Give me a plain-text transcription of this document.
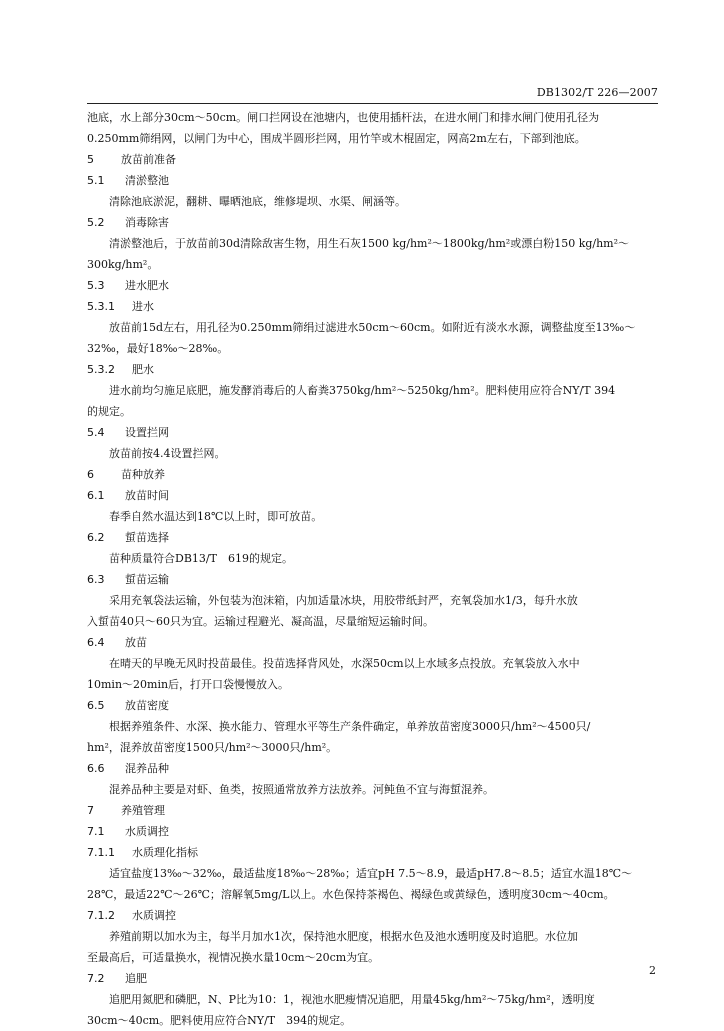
DB1302/T 226—2007
池底，水上部分30cm～50cm。闸口拦网设在池塘内，也使用插杆法，在进水闸门和排水闸门使用孔径为
0.250mm筛绢网，以闸门为中心，围成半圆形拦网，用竹竿或木棍固定，网高2m左右，下部到池底。
5 放苗前准备
5.1 清淤整池
清除池底淤泥，翻耕、曝晒池底，维修堤坝、水渠、闸涵等。
5.2 消毒除害
清淤整池后，于放苗前30d清除敌害生物，用生石灰1500 kg/hm²～1800kg/hm²或漂白粉150 kg/hm²～
300kg/hm²。
5.3 进水肥水
5.3.1 进水
放苗前15d左右，用孔径为0.250mm筛绢过滤进水50cm～60cm。如附近有淡水水源，调整盐度至13‰～
32‰，最好18‰～28‰。
5.3.2 肥水
进水前均匀施足底肥，施发酵消毒后的人畜粪3750kg/hm²～5250kg/hm²。肥料使用应符合NY/T 394
的规定。
5.4 设置拦网
放苗前按4.4设置拦网。
6 苗种放养
6.1 放苗时间
春季自然水温达到18℃以上时，即可放苗。
6.2 蜇苗选择
苗种质量符合DB13/T　619的规定。
6.3 蜇苗运输
采用充氧袋法运输，外包装为泡沫箱，内加适量冰块，用胶带纸封严，充氧袋加水1/3，每升水放
入蜇苗40只～60只为宜。运输过程避光、凝高温，尽量缩短运输时间。
6.4 放苗
在晴天的早晚无风时投苗最佳。投苗选择背风处，水深50cm以上水域多点投放。充氧袋放入水中
10min～20min后，打开口袋慢慢放入。
6.5 放苗密度
根据养殖条件、水深、换水能力、管理水平等生产条件确定，单养放苗密度3000只/hm²～4500只/
hm²，混养放苗密度1500只/hm²～3000只/hm²。
6.6 混养品种
混养品种主要是对虾、鱼类，按照通常放养方法放养。河鲀鱼不宜与海蜇混养。
7 养殖管理
7.1 水质调控
7.1.1 水质理化指标
适宜盐度13‰～32‰，最适盐度18‰～28‰；适宜pH 7.5～8.9，最适pH7.8～8.5；适宜水温18℃～
28℃，最适22℃～26℃；溶解氧5mg/L以上。水色保持茶褐色、褐绿色或黄绿色，透明度30cm～40cm。
7.1.2 水质调控
养殖前期以加水为主，每半月加水1次，保持池水肥度，根据水色及池水透明度及时追肥。水位加
至最高后，可适量换水，视情况换水量10cm～20cm为宜。
7.2 追肥
追肥用氮肥和磷肥，N、P比为10：1，视池水肥瘦情况追肥，用量45kg/hm²～75kg/hm²，透明度
30cm～40cm。肥料使用应符合NY/T　394的规定。
2
